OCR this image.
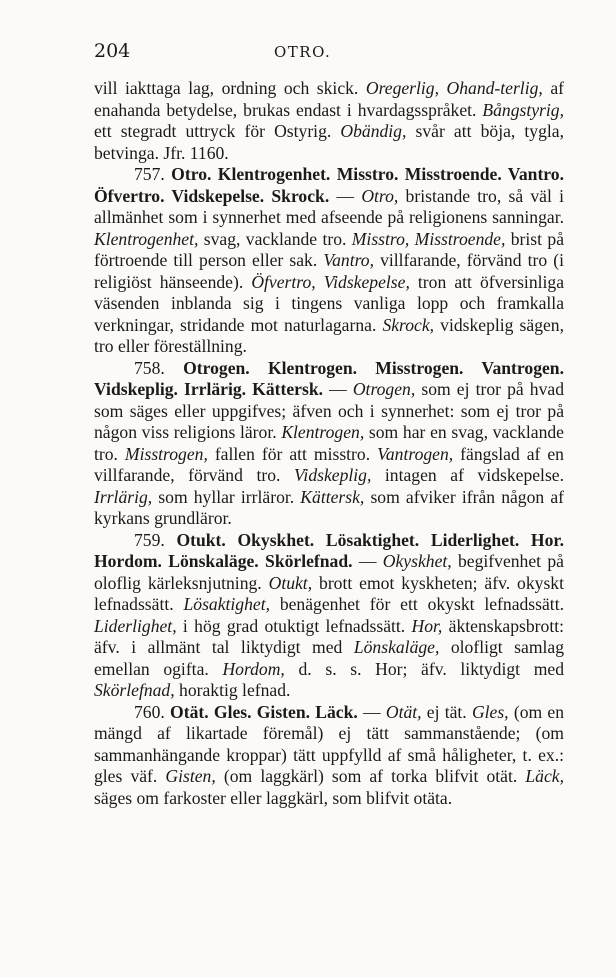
204	OTRO.

vill iakttaga lag, ordning och skick. Oregerlig, Ohand-terlig, af enahanda betydelse, brukas endast i hvardagsspråket. Bångstyrig, ett stegradt uttryck för Ostyrig. Obändig, svår att böja, tygla, betvinga. Jfr. 1160.

757. Otro. Klentrogenhet. Misstro. Misstroende. Vantro. Öfvertro. Vidskepelse. Skrock. — Otro, bristande tro, så väl i allmänhet som i synnerhet med afseende på religionens sanningar. Klentrogenhet, svag, vacklande tro. Misstro, Misstroende, brist på förtroende till person eller sak. Vantro, villfarande, förvänd tro (i religiöst hänseende). Öfvertro, Vidskepelse, tron att öfversinliga väsenden inblanda sig i tingens vanliga lopp och framkalla verkningar, stridande mot naturlagarna. Skrock, vidskeplig sägen, tro eller föreställning.

758. Otrogen. Klentrogen. Misstrogen. Vantrogen. Vidskeplig. Irrlärig. Kättersk. — Otrogen, som ej tror på hvad som säges eller uppgifves; äfven och i synnerhet: som ej tror på någon viss religions läror. Klentrogen, som har en svag, vacklande tro. Misstrogen, fallen för att misstro. Vantrogen, fängslad af en villfarande, förvänd tro. Vidskeplig, intagen af vidskepelse. Irrlärig, som hyllar irrläror. Kättersk, som afviker ifrån någon af kyrkans grundläror.

759. Otukt. Okyskhet. Lösaktighet. Liderlighet. Hor. Hordom. Lönskaläge. Skörlefnad. — Okyskhet, begifvenhet på oloflig kärleksnjutning. Otukt, brott emot kyskheten; äfv. okyskt lefnadssätt. Lösaktighet, benägenhet för ett okyskt lefnadssätt. Liderlighet, i hög grad otuktigt lefnadssätt. Hor, äktenskapsbrott: äfv. i allmänt tal liktydigt med Lönskaläge, olofligt samlag emellan ogifta. Hordom, d. s. s. Hor; äfv. liktydigt med Skörlefnad, horaktig lefnad.

760. Otät. Gles. Gisten. Läck. — Otät, ej tät. Gles, (om en mängd af likartade föremål) ej tätt sammanstående; (om sammanhängande kroppar) tätt uppfylld af små håligheter, t. ex.: gles väf. Gisten, (om laggkärl) som af torka blifvit otät. Läck, säges om farkoster eller laggkärl, som blifvit otäta.
